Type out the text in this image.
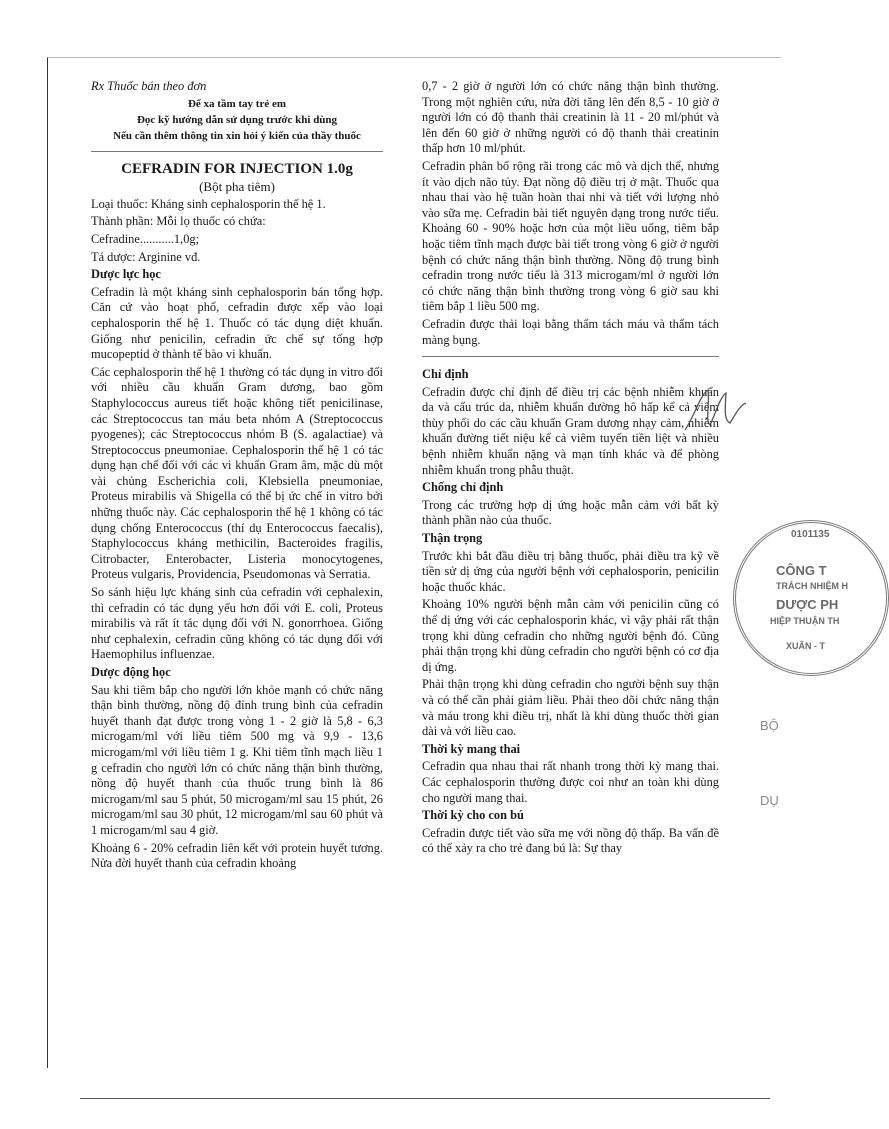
Rx Thuốc bán theo đơn

Để xa tầm tay trẻ em

Đọc kỹ hướng dẫn sử dụng trước khi dùng

Nếu cần thêm thông tin xin hỏi ý kiến của thầy thuốc

CEFRADIN FOR INJECTION 1.0g

(Bột pha tiêm)

Loại thuốc: Kháng sinh cephalosporin thế hệ 1.

Thành phần: Mỗi lọ thuốc có chứa:

Cefradine...........1,0g;

Tá dược: Arginine vđ.

Dược lực học

Cefradin là một kháng sinh cephalosporin bán tổng hợp. Căn cứ vào hoạt phổ, cefradin được xếp vào loại cephalosporin thế hệ 1. Thuốc có tác dụng diệt khuẩn. Giống như penicilin, cefradin ức chế sự tổng hợp mucopeptid ở thành tế bào vi khuẩn.

Các cephalosporin thế hệ 1 thường có tác dụng in vitro đối với nhiều cầu khuẩn Gram dương, bao gồm Staphylococcus aureus tiết hoặc không tiết penicilinase, các Streptococcus tan máu beta nhóm A (Streptococcus pyogenes); các Streptococcus nhóm B (S. agalactiae) và Streptococcus pneumoniae. Cephalosporin thế hệ 1 có tác dụng hạn chế đối với các vi khuẩn Gram âm, mặc dù một vài chủng Escherichia coli, Klebsiella pneumoniae, Proteus mirabilis và Shigella có thể bị ức chế in vitro bởi những thuốc này. Các cephalosporin thế hệ 1 không có tác dụng chống Enterococcus (thí dụ Enterococcus faecalis), Staphylococcus kháng methicilin, Bacteroides fragilis, Citrobacter, Enterobacter, Listeria monocytogenes, Proteus vulgaris, Providencia, Pseudomonas và Serratia.

So sánh hiệu lực kháng sinh của cefradin với cephalexin, thì cefradin có tác dụng yếu hơn đối với E. coli, Proteus mirabilis và rất ít tác dụng đối với N. gonorrhoea. Giống như cephalexin, cefradin cũng không có tác dụng đối với Haemophilus influenzae.

Dược động học

Sau khi tiêm bắp cho người lớn khỏe mạnh có chức năng thận bình thường, nồng độ đỉnh trung bình của cefradin huyết thanh đạt được trong vòng 1 - 2 giờ là 5,8 - 6,3 microgam/ml với liều tiêm 500 mg và 9,9 - 13,6 microgam/ml với liều tiêm 1 g. Khi tiêm tĩnh mạch liều 1 g cefradin cho người lớn có chức năng thận bình thường, nồng độ huyết thanh của thuốc trung bình là 86 microgam/ml sau 5 phút, 50 microgam/ml sau 15 phút, 26 microgam/ml sau 30 phút, 12 microgam/ml sau 60 phút và 1 microgam/ml sau 4 giờ.

Khoảng 6 - 20% cefradin liên kết với protein huyết tương. Nửa đời huyết thanh của cefradin khoảng

0,7 - 2 giờ ở người lớn có chức năng thận bình thường. Trong một nghiên cứu, nửa đời tăng lên đến 8,5 - 10 giờ ở người lớn có độ thanh thải creatinin là 11 - 20 ml/phút và lên đến 60 giờ ở những người có độ thanh thải creatinin thấp hơn 10 ml/phút.

Cefradin phân bố rộng rãi trong các mô và dịch thể, nhưng ít vào dịch não tủy. Đạt nồng độ điều trị ở mật. Thuốc qua nhau thai vào hệ tuần hoàn thai nhi và tiết với lượng nhỏ vào sữa mẹ. Cefradin bài tiết nguyên dạng trong nước tiểu. Khoảng 60 - 90% hoặc hơn của một liều uống, tiêm bắp hoặc tiêm tĩnh mạch được bài tiết trong vòng 6 giờ ở người bệnh có chức năng thận bình thường. Nồng độ trung bình cefradin trong nước tiểu là 313 microgam/ml ở người lớn có chức năng thận bình thường trong vòng 6 giờ sau khi tiêm bắp 1 liều 500 mg.

Cefradin được thải loại bằng thẩm tách máu và thẩm tách màng bụng.

Chỉ định

Cefradin được chỉ định để điều trị các bệnh nhiễm khuẩn da và cấu trúc da, nhiễm khuẩn đường hô hấp kể cả viêm thùy phổi do các cầu khuẩn Gram dương nhạy cảm, nhiễm khuẩn đường tiết niệu kể cả viêm tuyến tiền liệt và nhiều bệnh nhiễm khuẩn nặng và mạn tính khác và để phòng nhiễm khuẩn trong phẫu thuật.

Chống chỉ định

Trong các trường hợp dị ứng hoặc mẫn cảm với bất kỳ thành phần nào của thuốc.

Thận trọng

Trước khi bắt đầu điều trị bằng thuốc, phải điều tra kỹ về tiền sử dị ứng của người bệnh với cephalosporin, penicilin hoặc thuốc khác.

Khoảng 10% người bệnh mẫn cảm với penicilin cũng có thể dị ứng với các cephalosporin khác, vì vậy phải rất thận trọng khi dùng cefradin cho những người bệnh đó. Cũng phải thận trọng khi dùng cefradin cho người bệnh có cơ địa dị ứng.

Phải thận trọng khi dùng cefradin cho người bệnh suy thận và có thể cần phải giảm liều. Phải theo dõi chức năng thận và máu trong khi điều trị, nhất là khi dùng thuốc thời gian dài và với liều cao.

Thời kỳ mang thai

Cefradin qua nhau thai rất nhanh trong thời kỳ mang thai. Các cephalosporin thường được coi như an toàn khi dùng cho người mang thai.

Thời kỳ cho con bú

Cefradin được tiết vào sữa mẹ với nồng độ thấp. Ba vấn đề có thể xảy ra cho trẻ đang bú là: Sự thay

0101135
CÔNG T
TRÁCH NHIỆM H
DƯỢC PH
HIỆP THUẬN TH
XUÂN - T
BỘ
DỤ
